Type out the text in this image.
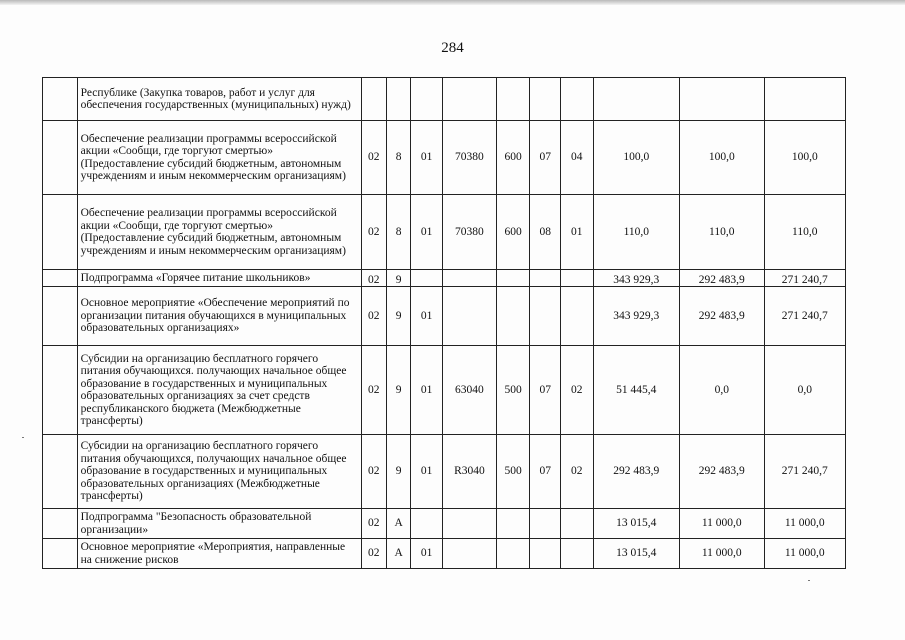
284
	Республике (Закупка товаров, работ и услуг для обеспечения государственных (муниципальных) нужд)										
	Обеспечение реализации программы всероссийской акции «Сообщи, где торгуют смертью» (Предоставление субсидий бюджетным, автономным учреждениям и иным некоммерческим организациям)	02	8	01	70380	600	07	04	100,0	100,0	100,0
	Обеспечение реализации программы всероссийской акции «Сообщи, где торгуют смертью» (Предоставление субсидий бюджетным, автономным учреждениям и иным некоммерческим организациям)	02	8	01	70380	600	08	01	110,0	110,0	110,0
	Подпрограмма «Горячее питание школьников»	02	9						343 929,3	292 483,9	271 240,7
	Основное мероприятие «Обеспечение мероприятий по организации питания обучающихся в муниципальных образовательных организациях»	02	9	01					343 929,3	292 483,9	271 240,7
	Субсидии на организацию бесплатного горячего питания обучающихся. получающих начальное общее образование в государственных и муниципальных образовательных организациях за счет средств республиканского бюджета (Межбюджетные трансферты)	02	9	01	63040	500	07	02	51 445,4	0,0	0,0
	Субсидии на организацию бесплатного горячего питания обучающихся, получающих начальное общее образование в государственных и муниципальных образовательных организациях (Межбюджетные трансферты)	02	9	01	R3040	500	07	02	292 483,9	292 483,9	271 240,7
	Подпрограмма "Безопасность образовательной организации»	02	А						13 015,4	11 000,0	11 000,0
	Основное мероприятие «Мероприятия, направленные на снижение рисков	02	А	01					13 015,4	11 000,0	11 000,0
